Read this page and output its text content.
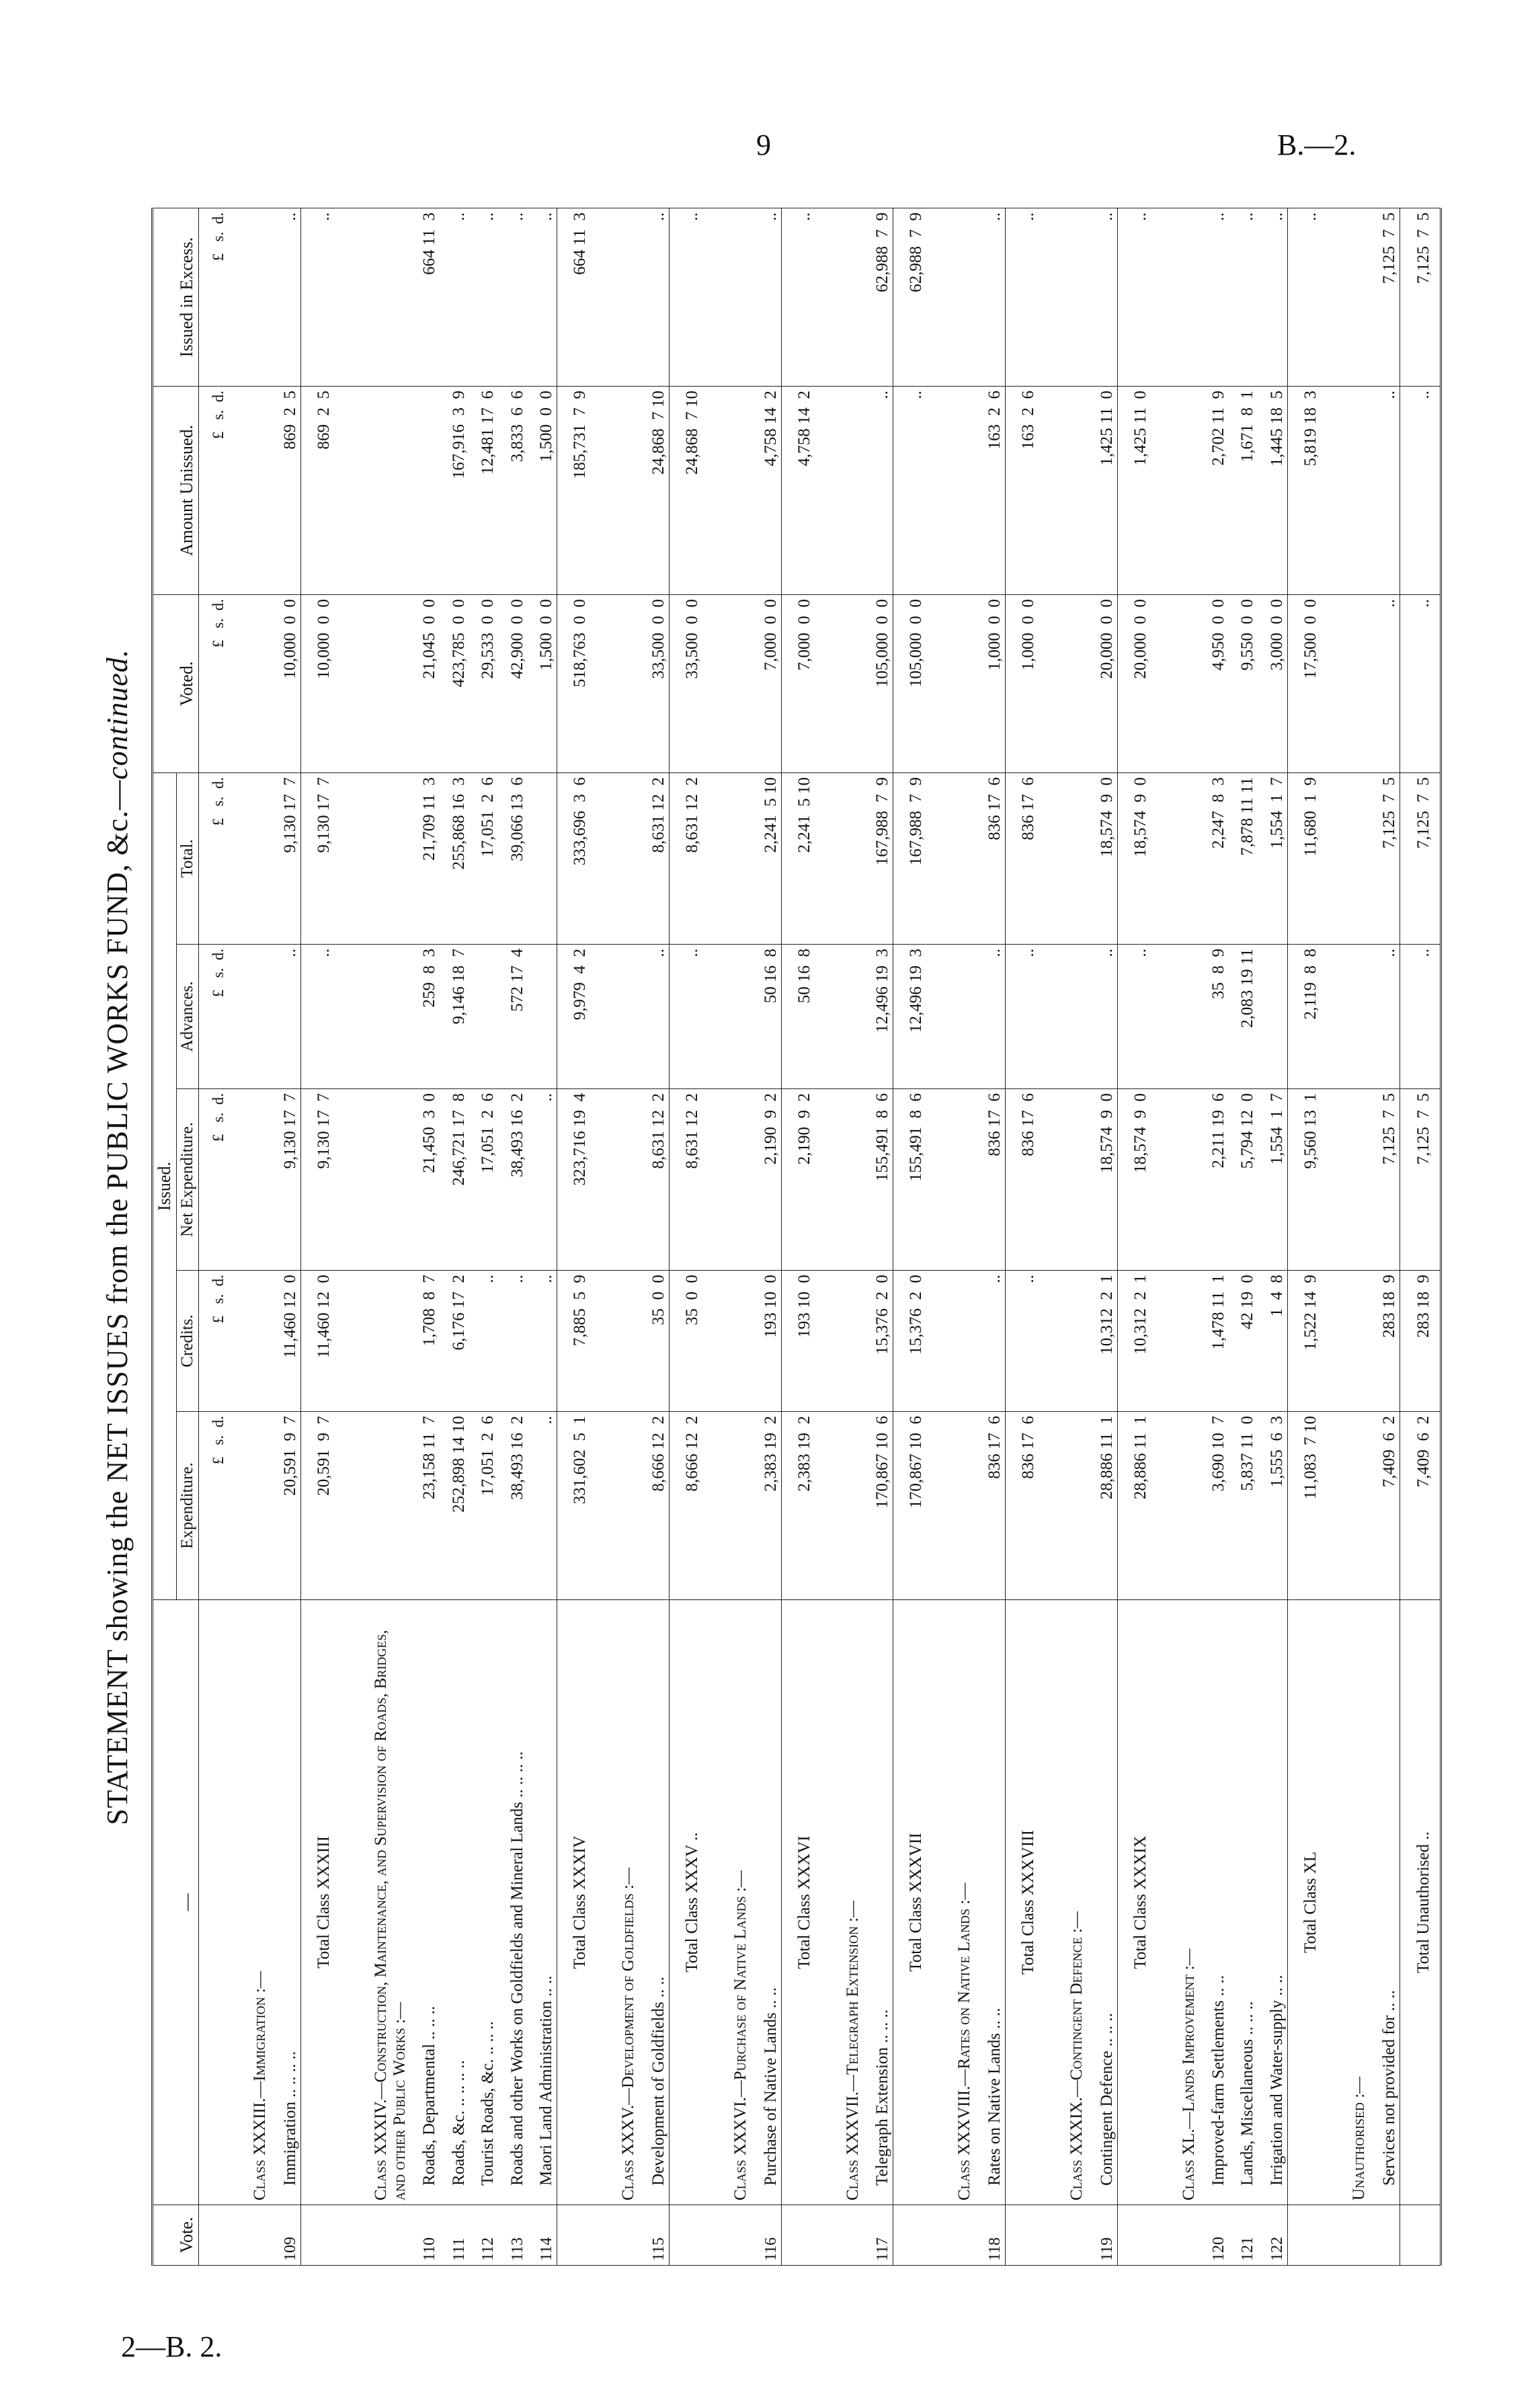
9	B.—2.
2—B. 2.
STATEMENT showing the NET ISSUES from the PUBLIC WORKS FUND, &c.—continued.
Vote.	—	Issued.					Voted.	Amount Unissued.	Issued in Excess.
		Expenditure.	Credits.	Net Expenditure.	Advances.	Total.			
		£   s.  d.	£   s.  d.	£   s.  d.	£   s.  d.	£   s.  d.	£   s.  d.	£   s.  d.	£   s.  d.
	Class XXXIII.—Immigration :—								
109	Immigration .. .. .. ..	20,591  9  7	11,460 12  0	9,130 17  7	..	9,130 17  7	10,000  0  0	869  2  5	..
	Total Class XXXIII	20,591  9  7	11,460 12  0	9,130 17  7	..	9,130 17  7	10,000  0  0	869  2  5	..
	Class XXXIV.—Construction, Maintenance, and Supervision of Roads, Bridges, and other Public Works :—								
110	Roads, Departmental .. .. ..	23,158 11  7	1,708  8  7	21,450  3  0	259  8  3	21,709 11  3	21,045  0  0		664 11  3
111	Roads, &c. .. .. .. ..	252,898 14 10	6,176 17  2	246,721 17  8	9,146 18  7	255,868 16  3	423,785  0  0	167,916  3  9	..
112	Tourist Roads, &c. .. .. ..	17,051  2  6	..	17,051  2  6		17,051  2  6	29,533  0  0	12,481 17  6	..
113	Roads and other Works on Goldfields and Mineral Lands .. .. .. ..	38,493 16  2	..	38,493 16  2	572 17  4	39,066 13  6	42,900  0  0	3,833  6  6	..
114	Maori Land Administration .. ..	..	..	..			1,500  0  0	1,500  0  0	..
	Total Class XXXIV	331,602  5  1	7,885  5  9	323,716 19  4	9,979  4  2	333,696  3  6	518,763  0  0	185,731  7  9	664 11  3
	Class XXXV.—Development of Goldfields :—								
115	Development of Goldfields .. ..	8,666 12  2	35  0  0	8,631 12  2	..	8,631 12  2	33,500  0  0	24,868  7 10	..
	Total Class XXXV ..	8,666 12  2	35  0  0	8,631 12  2	..	8,631 12  2	33,500  0  0	24,868  7 10	..
	Class XXXVI.—Purchase of Native Lands :—								
116	Purchase of Native Lands .. ..	2,383 19  2	193 10  0	2,190  9  2	50 16  8	2,241  5 10	7,000  0  0	4,758 14  2	..
	Total Class XXXVI	2,383 19  2	193 10  0	2,190  9  2	50 16  8	2,241  5 10	7,000  0  0	4,758 14  2	..
	Class XXXVII.—Telegraph Extension :—								
117	Telegraph Extension .. .. ..	170,867 10  6	15,376  2  0	155,491  8  6	12,496 19  3	167,988  7  9	105,000  0  0	..	62,988  7  9
	Total Class XXXVII	170,867 10  6	15,376  2  0	155,491  8  6	12,496 19  3	167,988  7  9	105,000  0  0	..	62,988  7  9
	Class XXXVIII.—Rates on Native Lands :—								
118	Rates on Native Lands .. ..	836 17  6	..	836 17  6	..	836 17  6	1,000  0  0	163  2  6	..
	Total Class XXXVIII	836 17  6	..	836 17  6	..	836 17  6	1,000  0  0	163  2  6	..
	Class XXXIX.—Contingent Defence :—								
119	Contingent Defence .. .. ..	28,886 11  1	10,312  2  1	18,574  9  0	..	18,574  9  0	20,000  0  0	1,425 11  0	..
	Total Class XXXIX	28,886 11  1	10,312  2  1	18,574  9  0	..	18,574  9  0	20,000  0  0	1,425 11  0	..
	Class XL.—Lands Improvement :—								
120	Improved-farm Settlements .. ..	3,690 10  7	1,478 11  1	2,211 19  6	35  8  9	2,247  8  3	4,950  0  0	2,702 11  9	..
121	Lands, Miscellaneous .. .. ..	5,837 11  0	42 19  0	5,794 12  0	2,083 19 11	7,878 11 11	9,550  0  0	1,671  8  1	..
122	Irrigation and Water-supply .. ..	1,555  6  3	1  4  8	1,554  1  7		1,554  1  7	3,000  0  0	1,445 18  5	..
	Total Class XL	11,083  7 10	1,522 14  9	9,560 13  1	2,119  8  8	11,680  1  9	17,500  0  0	5,819 18  3	..
	Unauthorised :—								
	Services not provided for .. ..	7,409  6  2	283 18  9	7,125  7  5	..	7,125  7  5	..	..	7,125  7  5
	Total Unauthorised ..	7,409  6  2	283 18  9	7,125  7  5	..	7,125  7  5	..	..	7,125  7  5
